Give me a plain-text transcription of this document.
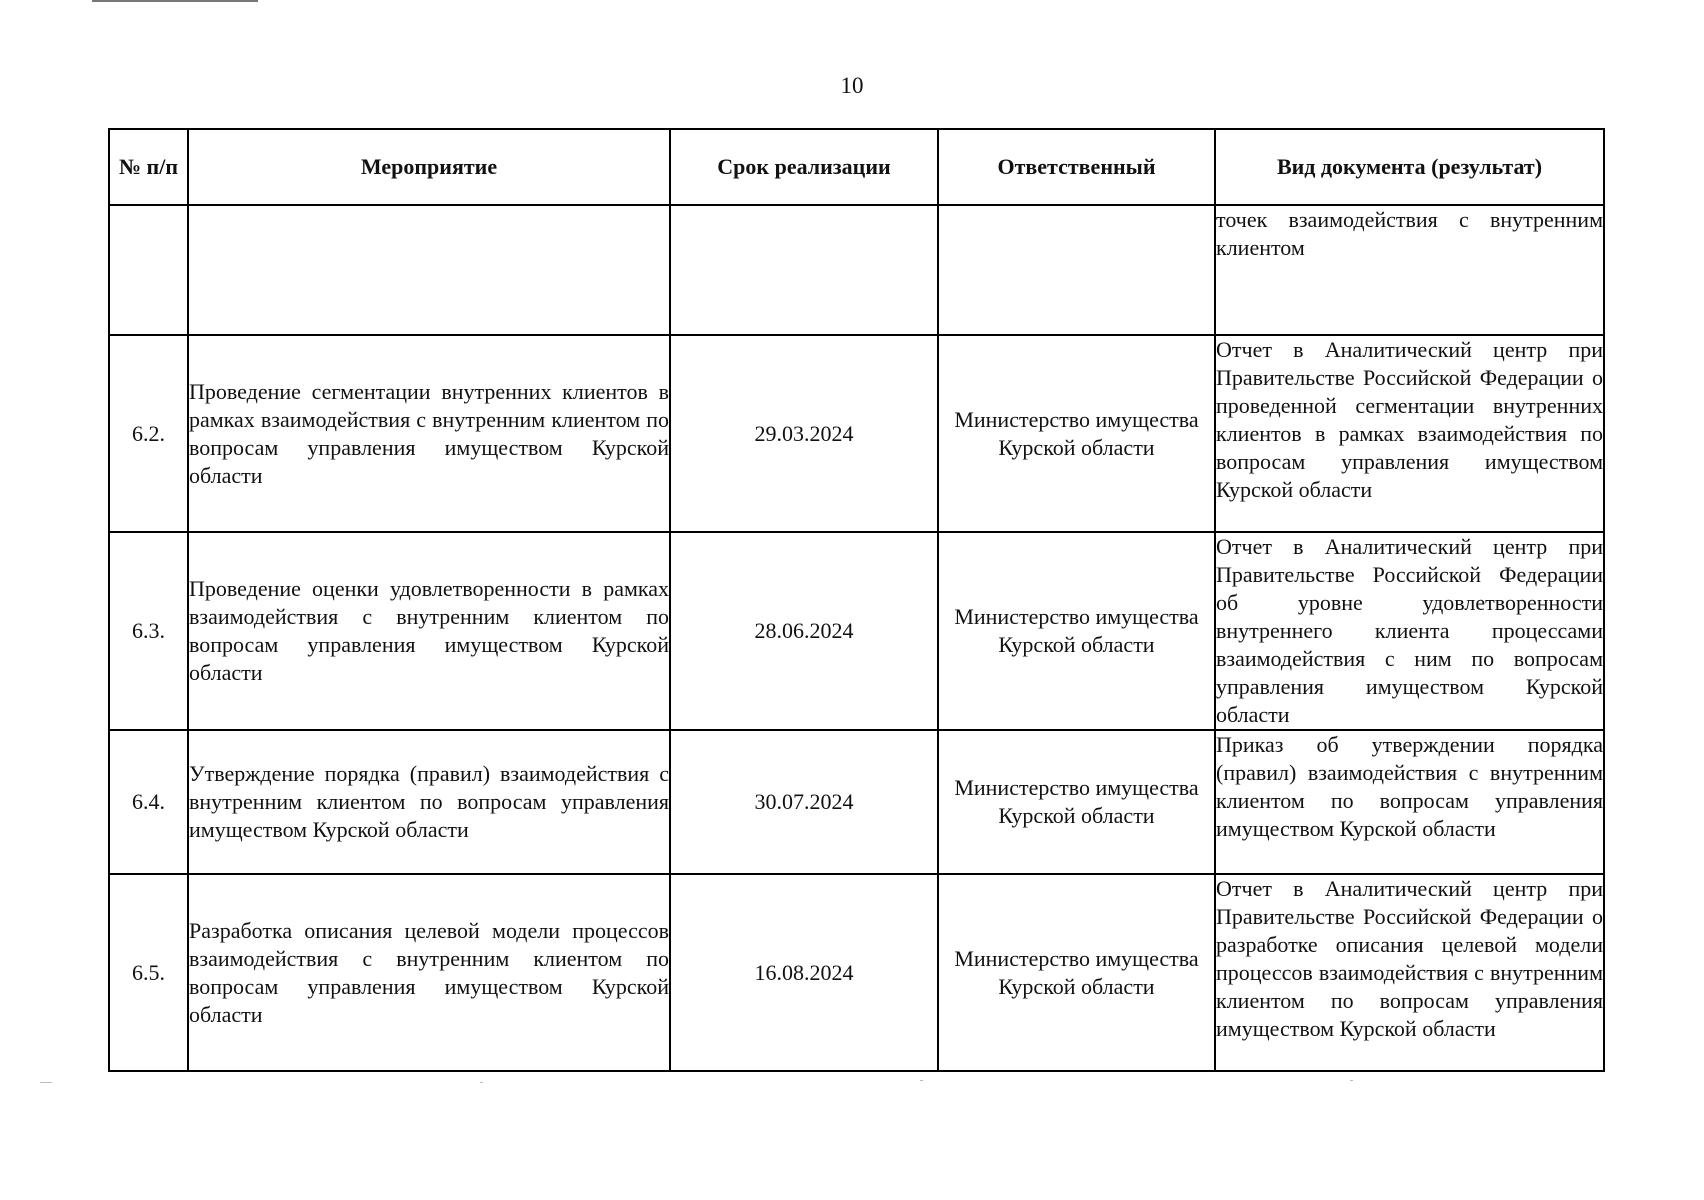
10
№ п/п	Мероприятие	Срок реализации	Ответственный	Вид документа (результат)
				точек взаимодействия с внутренним клиентом
6.2.	Проведение сегментации внутренних клиентов в рамках взаимодействия с внутренним клиентом по вопросам управления имуществом Курской области	29.03.2024	Министерство имущества Курской области	Отчет в Аналитический центр при Правительстве Российской Федерации о проведенной сегментации внутренних клиентов в рамках взаимодействия по вопросам управления имуществом Курской области
6.3.	Проведение оценки удовлетворенности в рамках взаимодействия с внутренним клиентом по вопросам управления имуществом Курской области	28.06.2024	Министерство имущества Курской области	Отчет в Аналитический центр при Правительстве Российской Федерации об уровне удовлетворенности внутреннего клиента процессами взаимодействия с ним по вопросам управления имуществом Курской области
6.4.	Утверждение порядка (правил) взаимодействия с внутренним клиентом по вопросам управления имуществом Курской области	30.07.2024	Министерство имущества Курской области	Приказ об утверждении порядка (правил) взаимодействия с внутренним клиентом по вопросам управления имуществом Курской области
6.5.	Разработка описания целевой модели процессов взаимодействия с внутренним клиентом по вопросам управления имуществом Курской области	16.08.2024	Министерство имущества Курской области	Отчет в Аналитический центр при Правительстве Российской Федерации о разработке описания целевой модели процессов взаимодействия с внутренним клиентом по вопросам управления имуществом Курской области
